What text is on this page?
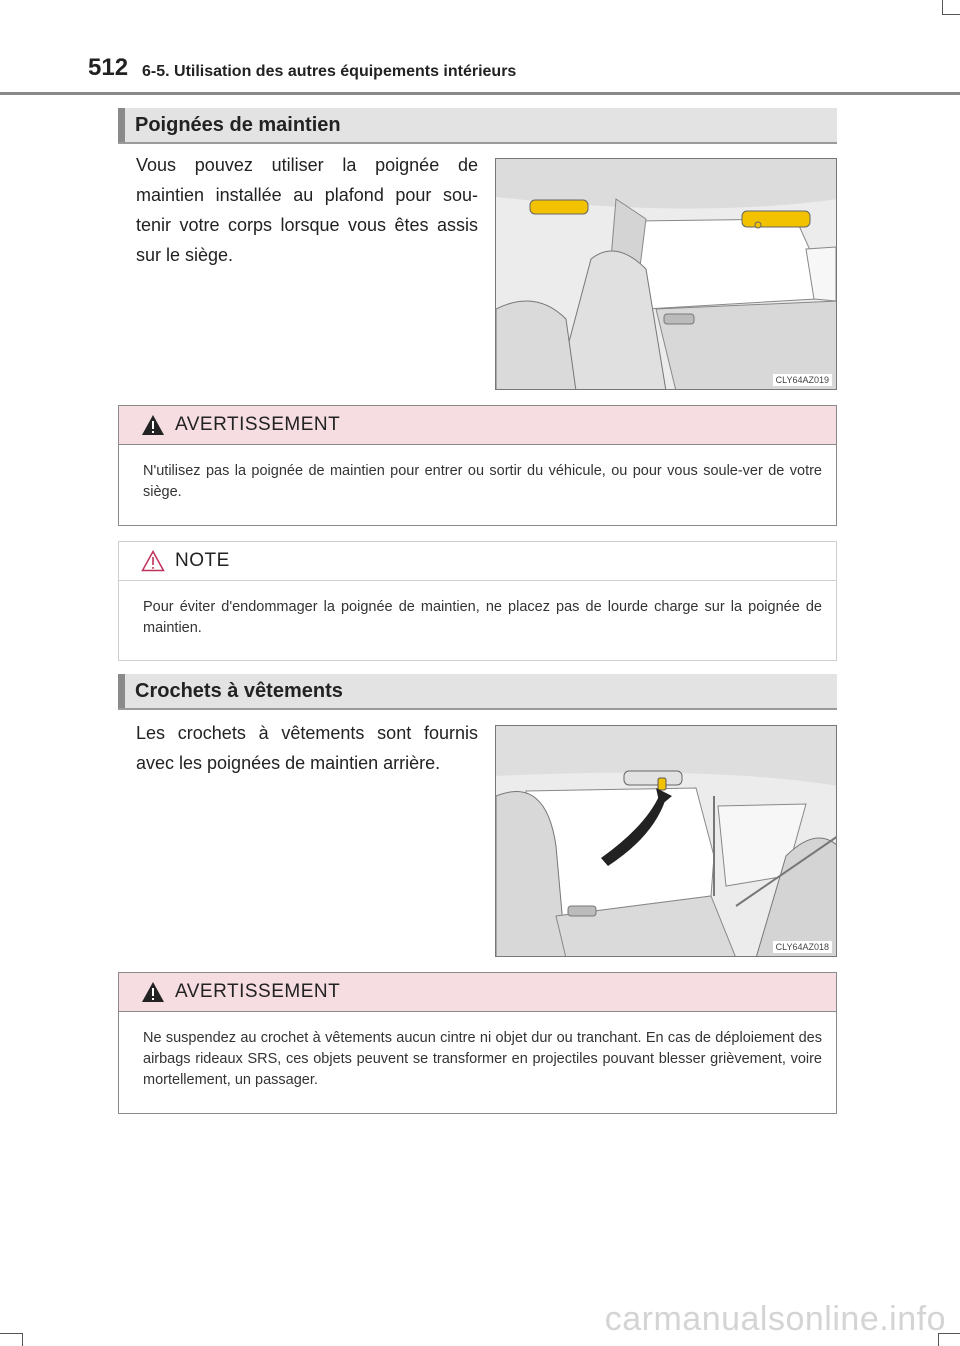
512 6-5. Utilisation des autres équipements intérieurs
Poignées de maintien
Vous pouvez utiliser la poignée de maintien installée au plafond pour sou-tenir votre corps lorsque vous êtes assis sur le siège.
CLY64AZ019
AVERTISSEMENT
N'utilisez pas la poignée de maintien pour entrer ou sortir du véhicule, ou pour vous soule-ver de votre siège.
NOTE
Pour éviter d'endommager la poignée de maintien, ne placez pas de lourde charge sur la poignée de maintien.
Crochets à vêtements
Les crochets à vêtements sont fournis avec les poignées de maintien arrière.
CLY64AZ018
AVERTISSEMENT
Ne suspendez au crochet à vêtements aucun cintre ni objet dur ou tranchant. En cas de déploiement des airbags rideaux SRS, ces objets peuvent se transformer en projectiles pouvant blesser grièvement, voire mortellement, un passager.
carmanualsonline.info
